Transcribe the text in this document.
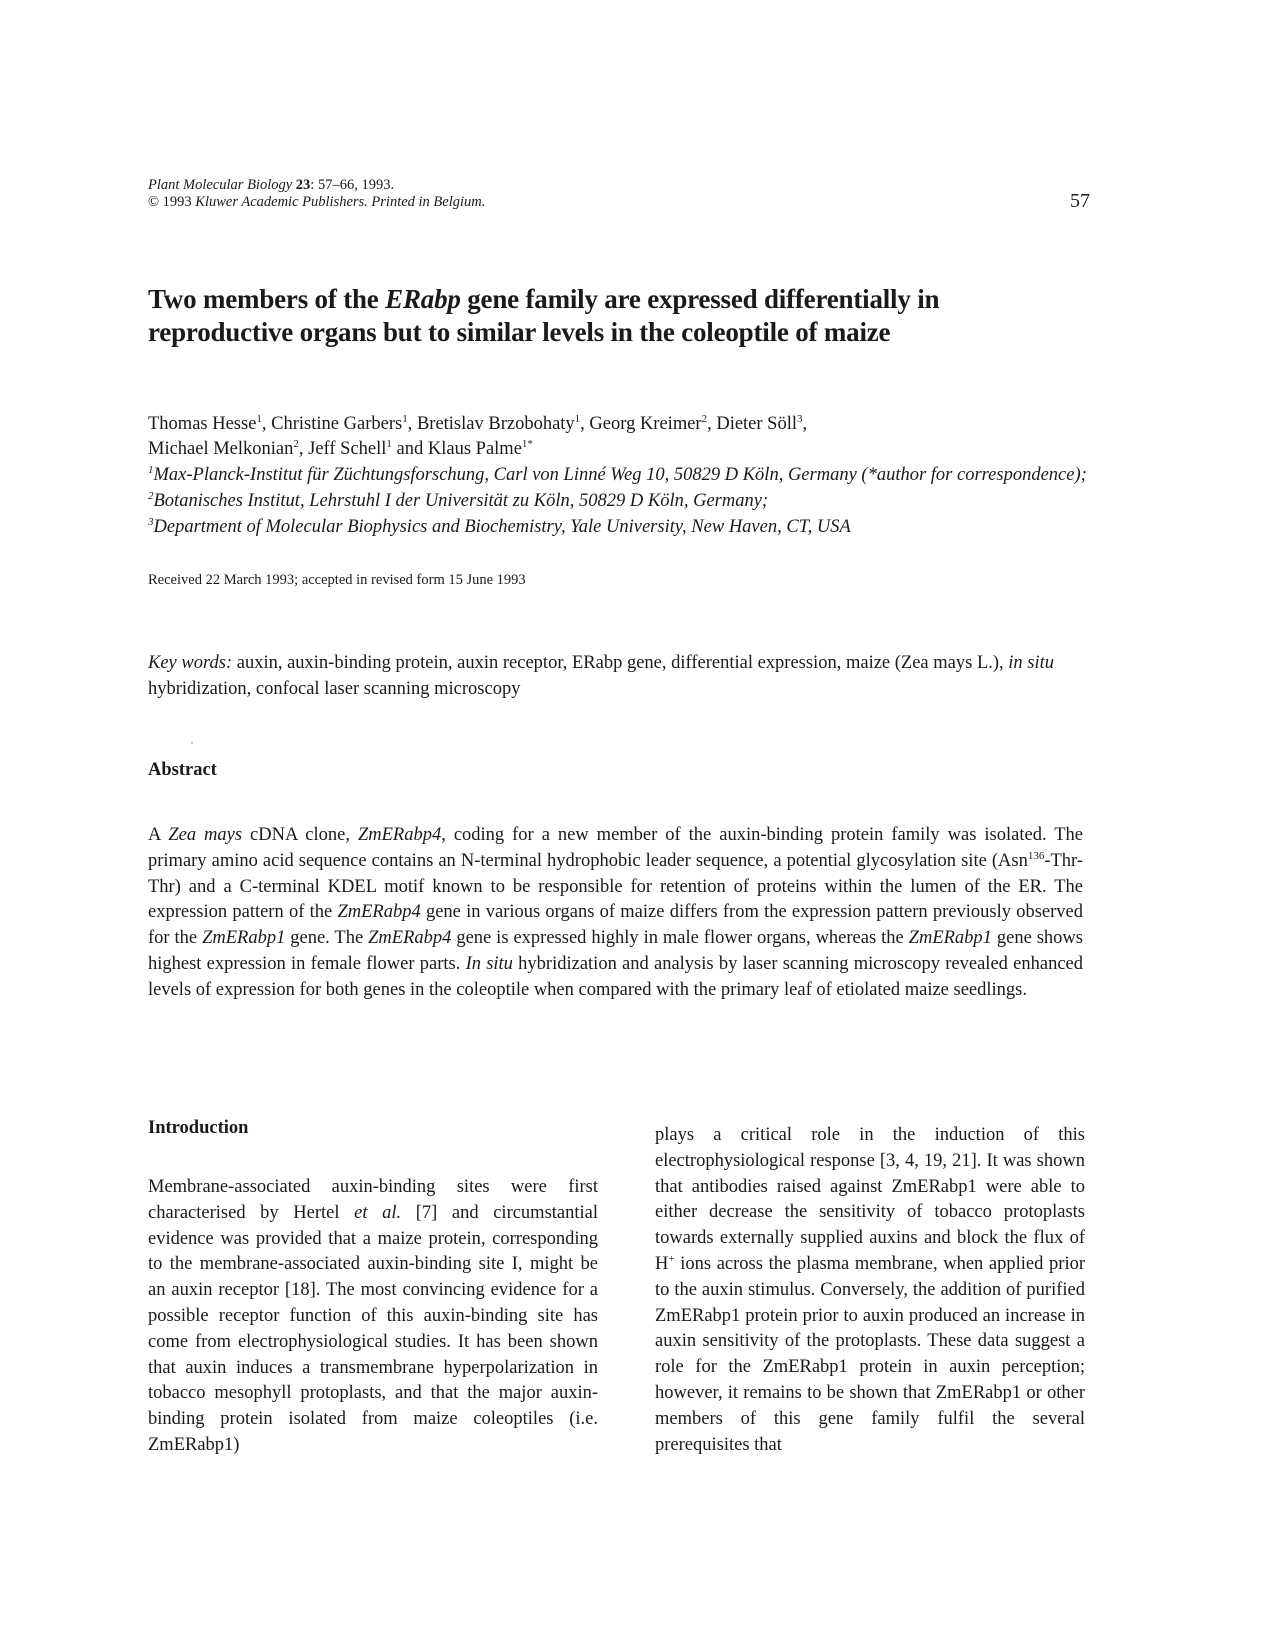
Plant Molecular Biology 23: 57–66, 1993.
© 1993 Kluwer Academic Publishers. Printed in Belgium.	57
Two members of the ERabp gene family are expressed differentially in reproductive organs but to similar levels in the coleoptile of maize
Thomas Hesse$^1$, Christine Garbers$^1$, Bretislav Brzobohaty$^1$, Georg Kreimer$^2$, Dieter Söll$^3$,
Michael Melkonian$^2$, Jeff Schell$^1$ and Klaus Palme$^{1*}$
$^1$Max-Planck-Institut für Züchtungsforschung, Carl von Linné Weg 10, 50829 D Köln, Germany (*author for correspondence); $^2$Botanisches Institut, Lehrstuhl I der Universität zu Köln, 50829 D Köln, Germany;
$^3$Department of Molecular Biophysics and Biochemistry, Yale University, New Haven, CT, USA
Received 22 March 1993; accepted in revised form 15 June 1993
Key words: auxin, auxin-binding protein, auxin receptor, ERabp gene, differential expression, maize (Zea mays L.), in situ hybridization, confocal laser scanning microscopy
Abstract
A Zea mays cDNA clone, ZmERabp4, coding for a new member of the auxin-binding protein family was isolated. The primary amino acid sequence contains an N-terminal hydrophobic leader sequence, a potential glycosylation site (Asn$^{136}$-Thr-Thr) and a C-terminal KDEL motif known to be responsible for retention of proteins within the lumen of the ER. The expression pattern of the ZmERabp4 gene in various organs of maize differs from the expression pattern previously observed for the ZmERabp1 gene. The ZmERabp4 gene is expressed highly in male flower organs, whereas the ZmERabp1 gene shows highest expression in female flower parts. In situ hybridization and analysis by laser scanning microscopy revealed enhanced levels of expression for both genes in the coleoptile when compared with the primary leaf of etiolated maize seedlings.
Introduction
Membrane-associated auxin-binding sites were first characterised by Hertel et al. [7] and circumstantial evidence was provided that a maize protein, corresponding to the membrane-associated auxin-binding site I, might be an auxin receptor [18]. The most convincing evidence for a possible receptor function of this auxin-binding site has come from electrophysiological studies. It has been shown that auxin induces a transmembrane hyperpolarization in tobacco mesophyll protoplasts, and that the major auxin-binding protein isolated from maize coleoptiles (i.e. ZmERabp1)
plays a critical role in the induction of this electrophysiological response [3, 4, 19, 21]. It was shown that antibodies raised against ZmERabp1 were able to either decrease the sensitivity of tobacco protoplasts towards externally supplied auxins and block the flux of H+ ions across the plasma membrane, when applied prior to the auxin stimulus. Conversely, the addition of purified ZmERabp1 protein prior to auxin produced an increase in auxin sensitivity of the protoplasts. These data suggest a role for the ZmERabp1 protein in auxin perception; however, it remains to be shown that ZmERabp1 or other members of this gene family fulfil the several prerequisites that
